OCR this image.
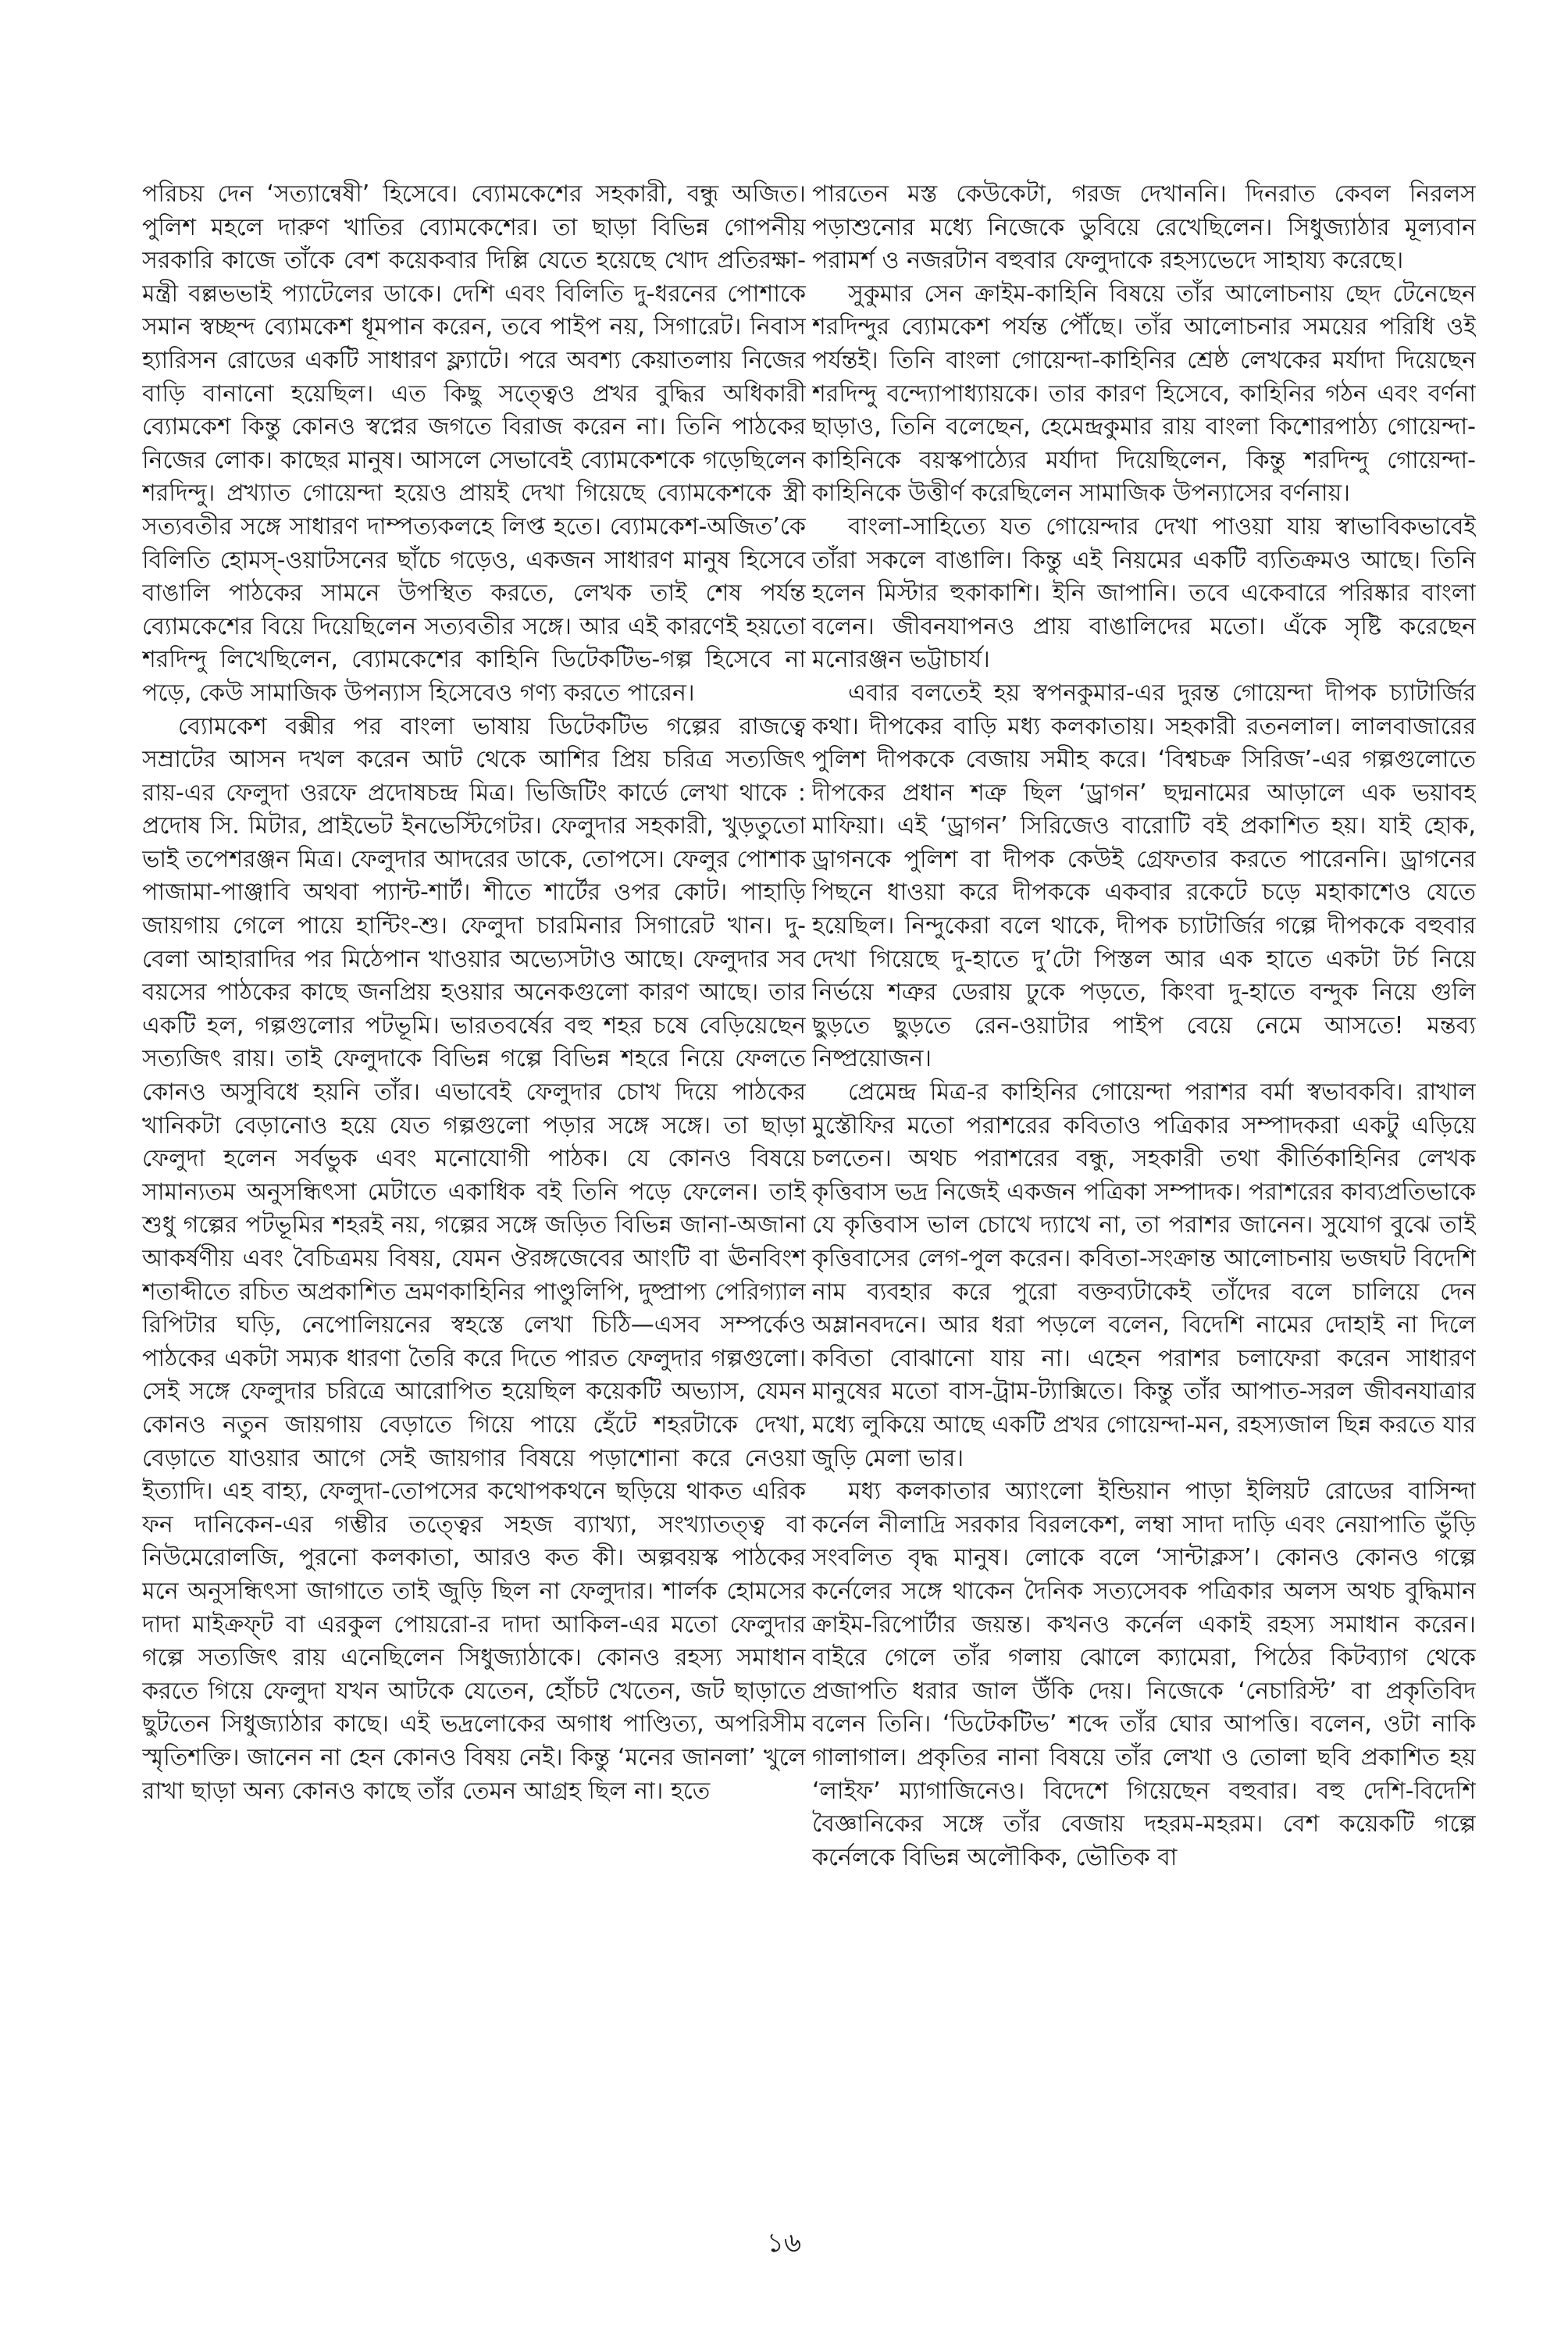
পরিচয় দেন ‘সত্যান্বেষী’ হিসেবে। ব্যোমকেশের সহকারী, বন্ধু অজিত। পুলিশ মহলে দারুণ খাতির ব্যোমকেশের। তা ছাড়া বিভিন্ন গোপনীয় সরকারি কাজে তাঁকে বেশ কয়েকবার দিল্লি যেতে হয়েছে খোদ প্রতিরক্ষা-মন্ত্রী বল্লভভাই প্যাটেলের ডাকে। দেশি এবং বিলিতি দু-ধরনের পোশাকে সমান স্বচ্ছন্দ ব্যোমকেশ ধূমপান করেন, তবে পাইপ নয়, সিগারেট। নিবাস হ্যারিসন রোডের একটি সাধারণ ফ্ল্যাটে। পরে অবশ্য কেয়াতলায় নিজের বাড়ি বানানো হয়েছিল। এত কিছু সত্ত্বেও প্রখর বুদ্ধির অধিকারী ব্যোমকেশ কিন্তু কোনও স্বপ্নের জগতে বিরাজ করেন না। তিনি পাঠকের নিজের লোক। কাছের মানুষ। আসলে সেভাবেই ব্যোমকেশকে গড়েছিলেন শরদিন্দু। প্রখ্যাত গোয়েন্দা হয়েও প্রায়ই দেখা গিয়েছে ব্যোমকেশকে স্ত্রী সত্যবতীর সঙ্গে সাধারণ দাম্পত্যকলহে লিপ্ত হতে। ব্যোমকেশ-অজিত’কে বিলিতি হোমস্-ওয়াটসনের ছাঁচে গড়েও, একজন সাধারণ মানুষ হিসেবে বাঙালি পাঠকের সামনে উপস্থিত করতে, লেখক তাই শেষ পর্যন্ত ব্যোমকেশের বিয়ে দিয়েছিলেন সত্যবতীর সঙ্গে। আর এই কারণেই হয়তো শরদিন্দু লিখেছিলেন, ব্যোমকেশের কাহিনি ডিটেকটিভ-গল্প হিসেবে না পড়ে, কেউ সামাজিক উপন্যাস হিসেবেও গণ্য করতে পারেন।

ব্যোমকেশ বক্সীর পর বাংলা ভাষায় ডিটেকটিভ গল্পের রাজত্বে সম্রাটের আসন দখল করেন আট থেকে আশির প্রিয় চরিত্র সত্যজিৎ রায়-এর ফেলুদা ওরফে প্রদোষচন্দ্র মিত্র। ভিজিটিং কার্ডে লেখা থাকে : প্রদোষ সি. মিটার, প্রাইভেট ইনভেস্টিগেটর। ফেলুদার সহকারী, খুড়তুতো ভাই তপেশরঞ্জন মিত্র। ফেলুদার আদরের ডাকে, তোপসে। ফেলুর পোশাক পাজামা-পাঞ্জাবি অথবা প্যান্ট-শার্ট। শীতে শার্টের ওপর কোট। পাহাড়ি জায়গায় গেলে পায়ে হান্টিং-শু। ফেলুদা চারমিনার সিগারেট খান। দু-বেলা আহারাদির পর মিঠেপান খাওয়ার অভ্যেসটাও আছে। ফেলুদার সব বয়সের পাঠকের কাছে জনপ্রিয় হওয়ার অনেকগুলো কারণ আছে। তার একটি হল, গল্পগুলোর পটভূমি। ভারতবর্ষের বহু শহর চষে বেড়িয়েছেন সত্যজিৎ রায়। তাই ফেলুদাকে বিভিন্ন গল্পে বিভিন্ন শহরে নিয়ে ফেলতে কোনও অসুবিধে হয়নি তাঁর। এভাবেই ফেলুদার চোখ দিয়ে পাঠকের খানিকটা বেড়ানোও হয়ে যেত গল্পগুলো পড়ার সঙ্গে সঙ্গে। তা ছাড়া ফেলুদা হলেন সর্বভুক এবং মনোযোগী পাঠক। যে কোনও বিষয়ে সামান্যতম অনুসন্ধিৎসা মেটাতে একাধিক বই তিনি পড়ে ফেলেন। তাই শুধু গল্পের পটভূমির শহরই নয়, গল্পের সঙ্গে জড়িত বিভিন্ন জানা-অজানা আকর্ষণীয় এবং বৈচিত্রময় বিষয়, যেমন ঔরঙ্গজেবের আংটি বা ঊনবিংশ শতাব্দীতে রচিত অপ্রকাশিত ভ্রমণকাহিনির পাণ্ডুলিপি, দুষ্প্রাপ্য পেরিগ্যাল রিপিটার ঘড়ি, নেপোলিয়নের স্বহস্তে লেখা চিঠি—এসব সম্পর্কেও পাঠকের একটা সম্যক ধারণা তৈরি করে দিতে পারত ফেলুদার গল্পগুলো। সেই সঙ্গে ফেলুদার চরিত্রে আরোপিত হয়েছিল কয়েকটি অভ্যাস, যেমন কোনও নতুন জায়গায় বেড়াতে গিয়ে পায়ে হেঁটে শহরটাকে দেখা, বেড়াতে যাওয়ার আগে সেই জায়গার বিষয়ে পড়াশোনা করে নেওয়া ইত্যাদি। এহ বাহ্য, ফেলুদা-তোপসের কথোপকথনে ছড়িয়ে থাকত এরিক ফন দানিকেন-এর গম্ভীর তত্ত্বের সহজ ব্যাখ্যা, সংখ্যাতত্ত্ব বা নিউমেরোলজি, পুরনো কলকাতা, আরও কত কী। অল্পবয়স্ক পাঠকের মনে অনুসন্ধিৎসা জাগাতে তাই জুড়ি ছিল না ফেলুদার। শার্লক হোমসের দাদা মাইক্রফ্‌ট বা এরকুল পোয়রো-র দাদা আকিল-এর মতো ফেলুদার গল্পে সত্যজিৎ রায় এনেছিলেন সিধুজ্যাঠাকে। কোনও রহস্য সমাধান করতে গিয়ে ফেলুদা যখন আটকে যেতেন, হোঁচট খেতেন, জট ছাড়াতে ছুটতেন সিধুজ্যাঠার কাছে। এই ভদ্রলোকের অগাধ পাণ্ডিত্য, অপরিসীম স্মৃতিশক্তি। জানেন না হেন কোনও বিষয় নেই। কিন্তু ‘মনের জানলা’ খুলে রাখা ছাড়া অন্য কোনও কাছে তাঁর তেমন আগ্রহ ছিল না। হতে

পারতেন মস্ত কেউকেটা, গরজ দেখাননি। দিনরাত কেবল নিরলস পড়াশুনোর মধ্যে নিজেকে ডুবিয়ে রেখেছিলেন। সিধুজ্যাঠার মূল্যবান পরামর্শ ও নজরটান বহুবার ফেলুদাকে রহস্যভেদে সাহায্য করেছে।

সুকুমার সেন ক্রাইম-কাহিনি বিষয়ে তাঁর আলোচনায় ছেদ টেনেছেন শরদিন্দুর ব্যোমকেশ পর্যন্ত পৌঁছে। তাঁর আলোচনার সময়ের পরিধি ওই পর্যন্তই। তিনি বাংলা গোয়েন্দা-কাহিনির শ্রেষ্ঠ লেখকের মর্যাদা দিয়েছেন শরদিন্দু বন্দ্যোপাধ্যায়কে। তার কারণ হিসেবে, কাহিনির গঠন এবং বর্ণনা ছাড়াও, তিনি বলেছেন, হেমেন্দ্রকুমার রায় বাংলা কিশোরপাঠ্য গোয়েন্দা-কাহিনিকে বয়স্কপাঠ্যের মর্যাদা দিয়েছিলেন, কিন্তু শরদিন্দু গোয়েন্দা-কাহিনিকে উত্তীর্ণ করেছিলেন সামাজিক উপন্যাসের বর্ণনায়।

বাংলা-সাহিত্যে যত গোয়েন্দার দেখা পাওয়া যায় স্বাভাবিকভাবেই তাঁরা সকলে বাঙালি। কিন্তু এই নিয়মের একটি ব্যতিক্রমও আছে। তিনি হলেন মিস্টার হুকাকাশি। ইনি জাপানি। তবে একেবারে পরিষ্কার বাংলা বলেন। জীবনযাপনও প্রায় বাঙালিদের মতো। এঁকে সৃষ্টি করেছেন মনোরঞ্জন ভট্টাচার্য।

এবার বলতেই হয় স্বপনকুমার-এর দুরন্ত গোয়েন্দা দীপক চ্যাটার্জির কথা। দীপকের বাড়ি মধ্য কলকাতায়। সহকারী রতনলাল। লালবাজারের পুলিশ দীপককে বেজায় সমীহ করে। ‘বিশ্বচক্র সিরিজ’-এর গল্পগুলোতে দীপকের প্রধান শত্রু ছিল ‘ড্রাগন’ ছদ্মনামের আড়ালে এক ভয়াবহ মাফিয়া। এই ‘ড্রাগন’ সিরিজেও বারোটি বই প্রকাশিত হয়। যাই হোক, ড্রাগনকে পুলিশ বা দীপক কেউই গ্রেফতার করতে পারেননি। ড্রাগনের পিছনে ধাওয়া করে দীপককে একবার রকেটে চড়ে মহাকাশেও যেতে হয়েছিল। নিন্দুকেরা বলে থাকে, দীপক চ্যাটার্জির গল্পে দীপককে বহুবার দেখা গিয়েছে দু-হাতে দু’টো পিস্তল আর এক হাতে একটা টর্চ নিয়ে নির্ভয়ে শত্রুর ডেরায় ঢুকে পড়তে, কিংবা দু-হাতে বন্দুক নিয়ে গুলি ছুড়তে ছুড়তে রেন-ওয়াটার পাইপ বেয়ে নেমে আসতে! মন্তব্য নিষ্প্রয়োজন।

প্রেমেন্দ্র মিত্র-র কাহিনির গোয়েন্দা পরাশর বর্মা স্বভাবকবি। রাখাল মুস্তৌফির মতো পরাশরের কবিতাও পত্রিকার সম্পাদকরা একটু এড়িয়ে চলতেন। অথচ পরাশরের বন্ধু, সহকারী তথা কীর্তিকাহিনির লেখক কৃত্তিবাস ভদ্র নিজেই একজন পত্রিকা সম্পাদক। পরাশরের কাব্যপ্রতিভাকে যে কৃত্তিবাস ভাল চোখে দ্যাখে না, তা পরাশর জানেন। সুযোগ বুঝে তাই কৃত্তিবাসের লেগ-পুল করেন। কবিতা-সংক্রান্ত আলোচনায় ভজঘট বিদেশি নাম ব্যবহার করে পুরো বক্তব্যটাকেই তাঁদের বলে চালিয়ে দেন অম্লানবদনে। আর ধরা পড়লে বলেন, বিদেশি নামের দোহাই না দিলে কবিতা বোঝানো যায় না। এহেন পরাশর চলাফেরা করেন সাধারণ মানুষের মতো বাস-ট্রাম-ট্যাক্সিতে। কিন্তু তাঁর আপাত-সরল জীবনযাত্রার মধ্যে লুকিয়ে আছে একটি প্রখর গোয়েন্দা-মন, রহস্যজাল ছিন্ন করতে যার জুড়ি মেলা ভার।

মধ্য কলকাতার অ্যাংলো ইন্ডিয়ান পাড়া ইলিয়ট রোডের বাসিন্দা কর্নেল নীলাদ্রি সরকার বিরলকেশ, লম্বা সাদা দাড়ি এবং নেয়াপাতি ভুঁড়ি সংবলিত বৃদ্ধ মানুষ। লোকে বলে ‘সান্টাক্লস’। কোনও কোনও গল্পে কর্নেলের সঙ্গে থাকেন দৈনিক সত্যসেবক পত্রিকার অলস অথচ বুদ্ধিমান ক্রাইম-রিপোর্টার জয়ন্ত। কখনও কর্নেল একাই রহস্য সমাধান করেন। বাইরে গেলে তাঁর গলায় ঝোলে ক্যামেরা, পিঠের কিটব্যাগ থেকে প্রজাপতি ধরার জাল উঁকি দেয়। নিজেকে ‘নেচারিস্ট’ বা প্রকৃতিবিদ বলেন তিনি। ‘ডিটেকটিভ’ শব্দে তাঁর ঘোর আপত্তি। বলেন, ওটা নাকি গালাগাল। প্রকৃতির নানা বিষয়ে তাঁর লেখা ও তোলা ছবি প্রকাশিত হয় ‘লাইফ’ ম্যাগাজিনেও। বিদেশে গিয়েছেন বহুবার। বহু দেশি-বিদেশি বৈজ্ঞানিকের সঙ্গে তাঁর বেজায় দহরম-মহরম। বেশ কয়েকটি গল্পে কর্নেলকে বিভিন্ন অলৌকিক, ভৌতিক বা

১৬
